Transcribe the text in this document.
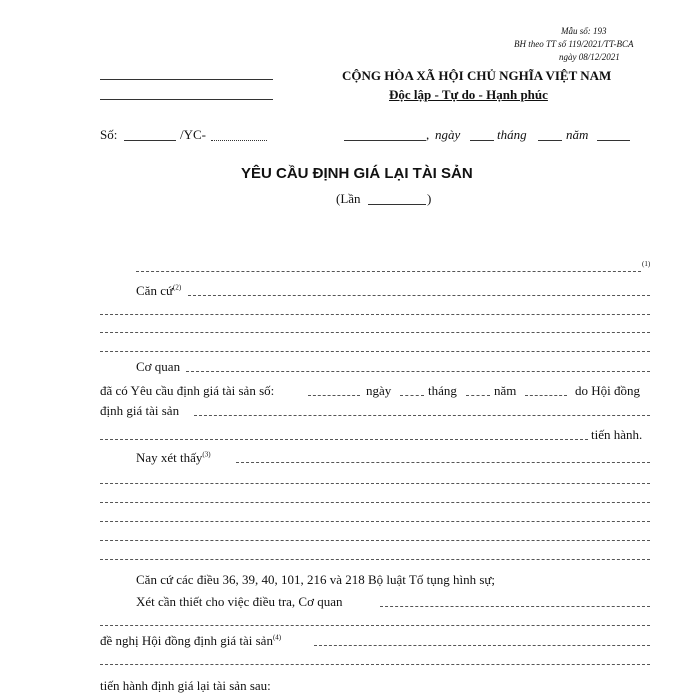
Mẫu số: 193
BH theo TT số 119/2021/TT-BCA
ngày 08/12/2021
CỘNG HÒA XÃ HỘI CHỦ NGHĨA VIỆT NAM
Độc lập - Tự do - Hạnh phúc
Số:	/YC-	, ngày	tháng	năm
YÊU CẦU ĐỊNH GIÁ LẠI TÀI SẢN
(Lần	)
(1)
Căn cứ$^{(2)}$
Cơ quan
đã có Yêu cầu định giá tài sản số:	ngày	tháng	năm	do Hội đồng
định giá tài sản
tiến hành.
Nay xét thấy$^{(3)}$
Căn cứ các điều 36, 39, 40, 101, 216 và 218 Bộ luật Tố tụng hình sự;
Xét cần thiết cho việc điều tra, Cơ quan
đề nghị Hội đồng định giá tài sản$^{(4)}$
tiến hành định giá lại tài sản sau:
